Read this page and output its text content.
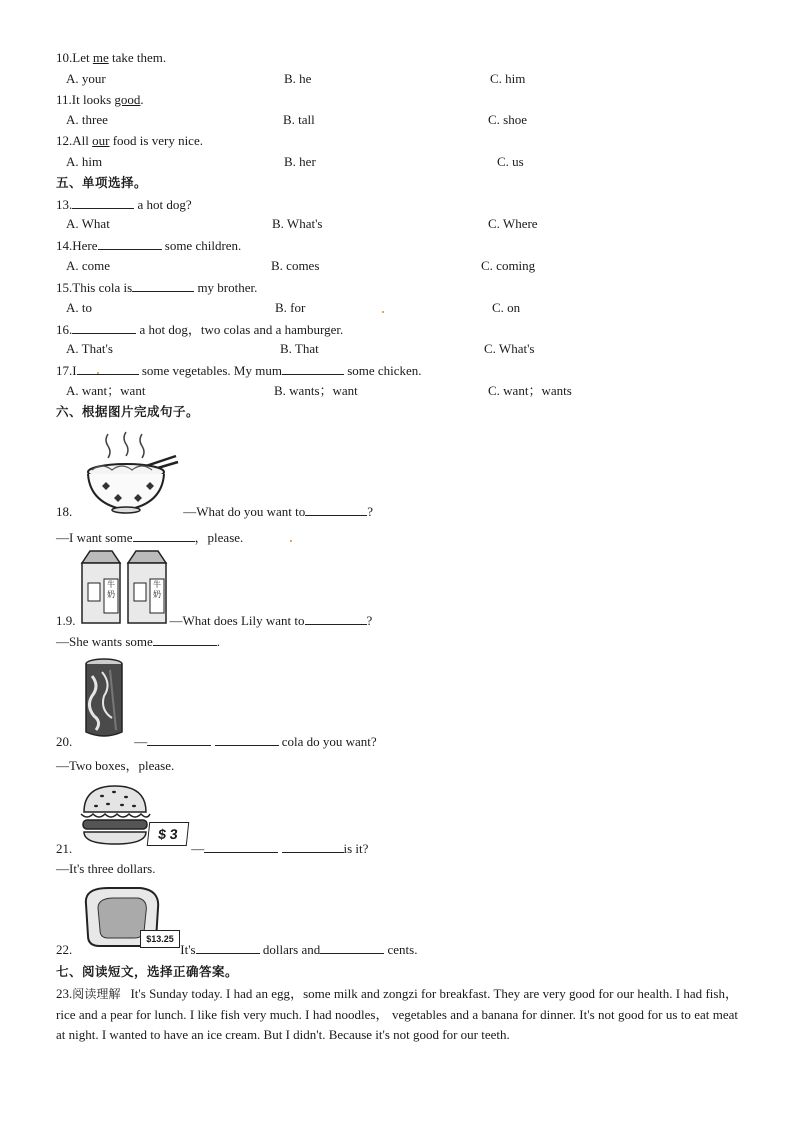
10.Let me take them.
A. your	B. he	C. him
11.It looks good.
A. three	B. tall	C. shoe
12.All our food is very nice.
A. him	B. her	C. us
五、单项选择。
13.	a hot dog?
A. What	B. What's	C. Where
14.Here	some children.
A. come	B. comes	C. coming
15.This cola is	my brother.
A. to	B. for	C. on
16.	a hot dog，two colas and a hamburger.
A. That's	B. That	C. What's
17.I	some vegetables. My mum	some chicken.
A. want；want	B. wants；want	C. want；wants
六、根据图片完成句子。
18.	—What do you want to	?
—I want some	，please.
牛奶
牛奶
1.9.	—What does Lily want to	?
—She wants some	.
20.	—	cola do you want?
—Two boxes，please.
$ 3
21.	—	is it?
—It's three dollars.
$13.25
22.	It's	dollars and	cents.
七、阅读短文，选择正确答案。
23.阅读理解 It's Sunday today. I had an egg，some milk and zongzi for breakfast. They are very good for our health. I had fish， rice and a pear for lunch. I like fish very much. I had noodles， vegetables and a banana for dinner. It's not good for us to eat meat at night. I wanted to have an ice cream. But I didn't. Because it's not good for our teeth.
